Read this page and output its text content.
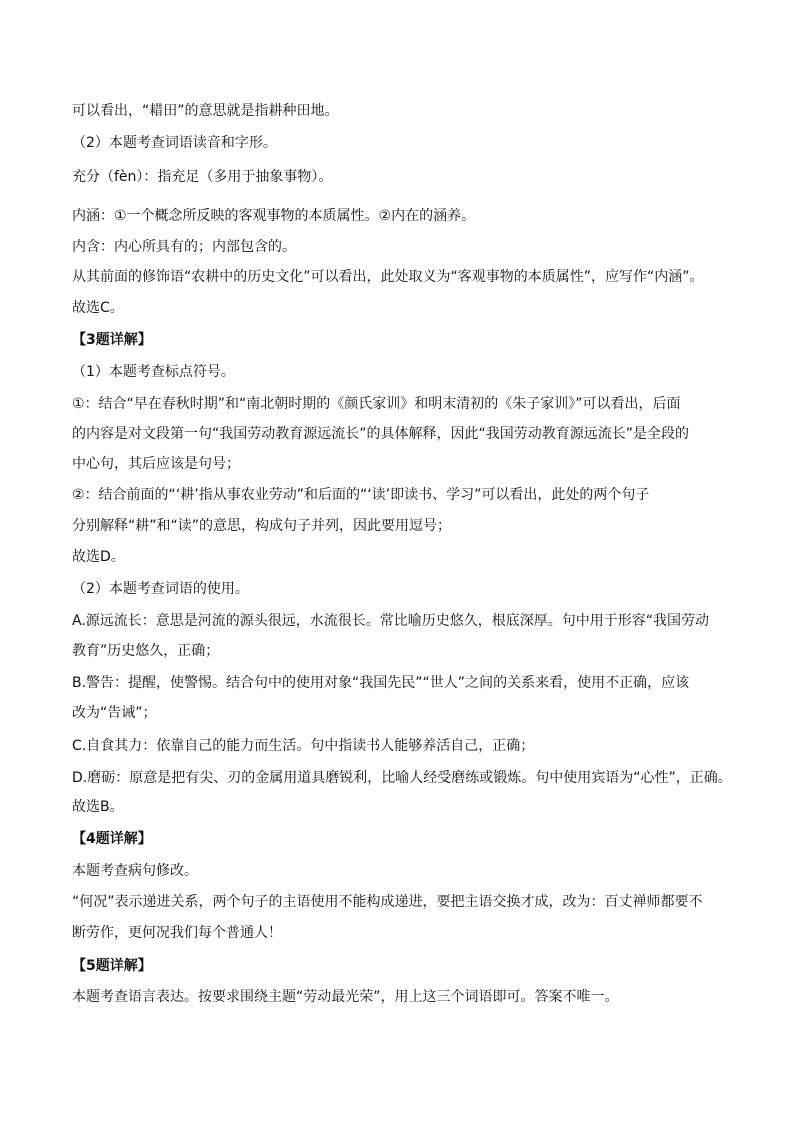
可以看出，“耤田”的意思就是指耕种田地。
（2）本题考查词语读音和字形。
充分（fèn）：指充足（多用于抽象事物）。
内涵：①一个概念所反映的客观事物的本质属性。②内在的涵养。
内含：内心所具有的；内部包含的。
从其前面的修饰语“农耕中的历史文化”可以看出，此处取义为“客观事物的本质属性”，应写作“内涵”。
故选C。
【3题详解】
（1）本题考查标点符号。
①：结合“早在春秋时期”和“南北朝时期的《颜氏家训》和明末清初的《朱子家训》”可以看出，后面
的内容是对文段第一句“我国劳动教育源远流长”的具体解释，因此“我国劳动教育源远流长”是全段的
中心句，其后应该是句号；
②：结合前面的“‘耕’指从事农业劳动”和后面的“‘读’即读书、学习”可以看出，此处的两个句子
分别解释“耕”和“读”的意思，构成句子并列，因此要用逗号；
故选D。
（2）本题考查词语的使用。
A.源远流长：意思是河流的源头很远，水流很长。常比喻历史悠久，根底深厚。句中用于形容“我国劳动
教育”历史悠久，正确；
B.警告：提醒，使警惕。结合句中的使用对象“我国先民”“世人”之间的关系来看，使用不正确，应该
改为“告诫”；
C.自食其力：依靠自己的能力而生活。句中指读书人能够养活自己，正确；
D.磨砺：原意是把有尖、刃的金属用道具磨锐利，比喻人经受磨练或锻炼。句中使用宾语为“心性”，正确。
故选B。
【4题详解】
本题考查病句修改。
“何况”表示递进关系，两个句子的主语使用不能构成递进，要把主语交换才成，改为：百丈禅师都要不
断劳作，更何况我们每个普通人！
【5题详解】
本题考查语言表达。按要求围绕主题“劳动最光荣”，用上这三个词语即可。答案不唯一。
